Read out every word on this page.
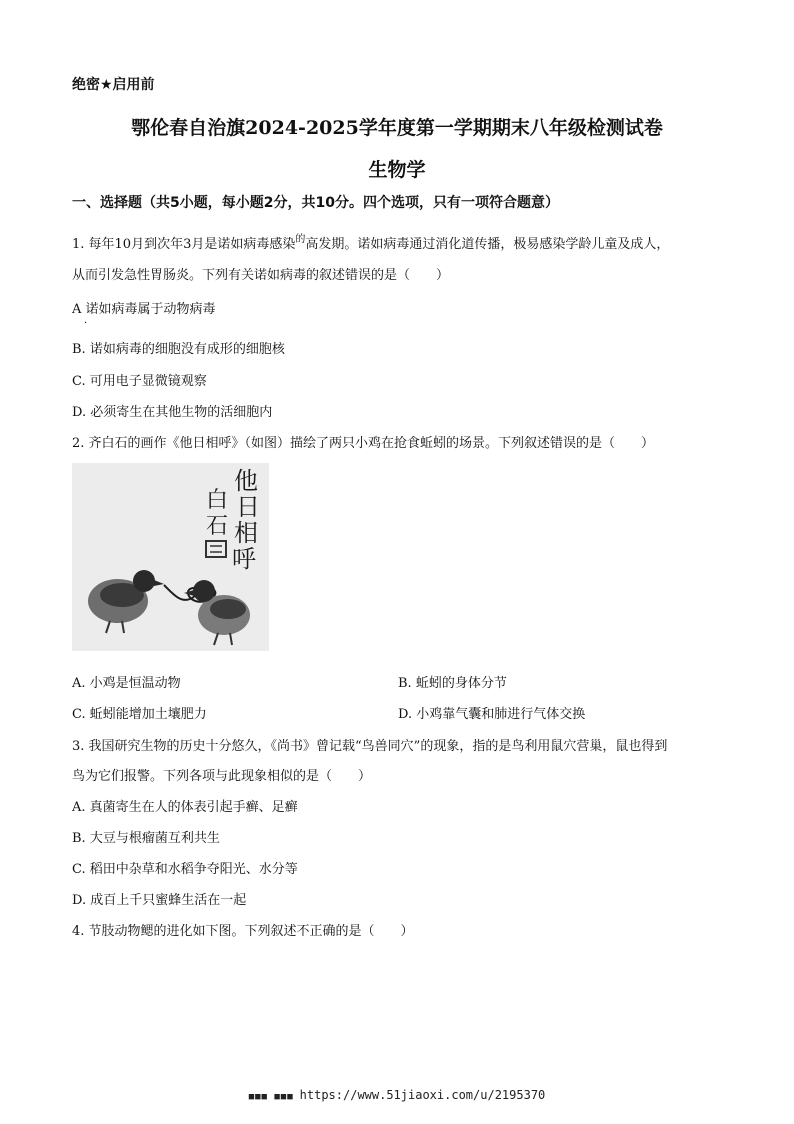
绝密★启用前
鄂伦春自治旗2024-2025学年度第一学期期末八年级检测试卷
生物学
一、选择题（共5小题，每小题2分，共10分。四个选项，只有一项符合题意）
1. 每年10月到次年3月是诺如病毒感染$^的$高发期。诺如病毒通过消化道传播，极易感染学龄儿童及成人，
从而引发急性胃肠炎。下列有关诺如病毒的叙述错误的是（　　）
A 诺如病毒属于动物病毒
·
B. 诺如病毒的细胞没有成形的细胞核
C. 可用电子显微镜观察
D. 必须寄生在其他生物的活细胞内
2. 齐白石的画作《他日相呼》（如图）描绘了两只小鸡在抢食蚯蚓的场景。下列叙述错误的是（　　）
他
日
相
呼
白
石
A. 小鸡是恒温动物	B. 蚯蚓的身体分节
C. 蚯蚓能增加土壤肥力	D. 小鸡靠气囊和肺进行气体交换
3. 我国研究生物的历史十分悠久，《尚书》曾记载“鸟兽同穴”的现象，指的是鸟利用鼠穴营巢，鼠也得到
鸟为它们报警。下列各项与此现象相似的是（　　）
A. 真菌寄生在人的体表引起手癣、足癣
B. 大豆与根瘤菌互利共生
C. 稻田中杂草和水稻争夺阳光、水分等
D. 成百上千只蜜蜂生活在一起
4. 节肢动物鳃的进化如下图。下列叙述不正确的是（　　）
■■■ ■■■ https://www.51jiaoxi.com/u/2195370
